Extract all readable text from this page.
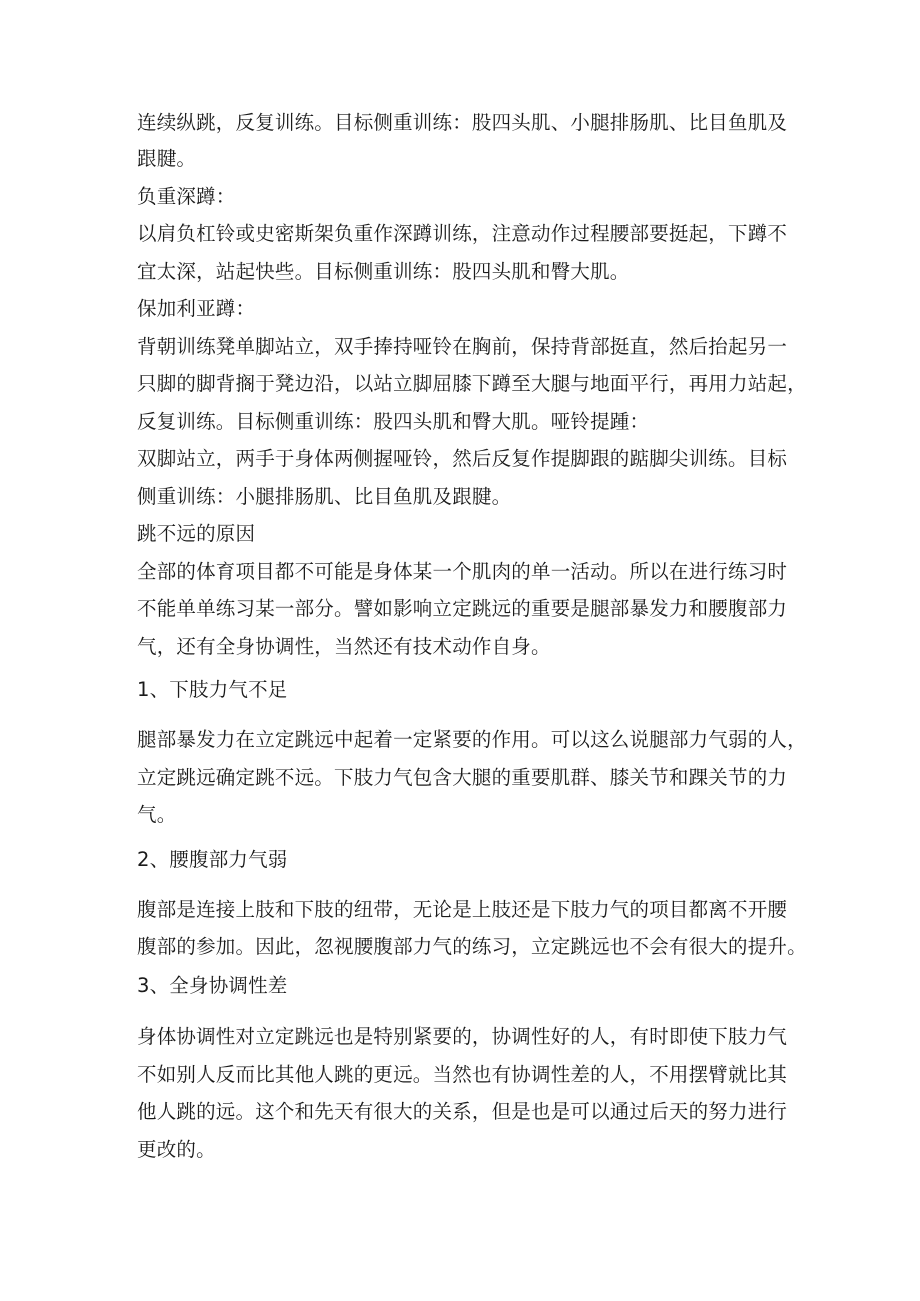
连续纵跳，反复训练。目标侧重训练：股四头肌、小腿排肠肌、比目鱼肌及
跟腱。
负重深蹲：
以肩负杠铃或史密斯架负重作深蹲训练，注意动作过程腰部要挺起，下蹲不
宜太深，站起快些。目标侧重训练：股四头肌和臀大肌。
保加利亚蹲：
背朝训练凳单脚站立，双手捧持哑铃在胸前，保持背部挺直，然后抬起另一
只脚的脚背搁于凳边沿，以站立脚屈膝下蹲至大腿与地面平行，再用力站起，
反复训练。目标侧重训练：股四头肌和臀大肌。哑铃提踵：
双脚站立，两手于身体两侧握哑铃，然后反复作提脚跟的踮脚尖训练。目标
侧重训练：小腿排肠肌、比目鱼肌及跟腱。
跳不远的原因
全部的体育项目都不可能是身体某一个肌肉的单一活动。所以在进行练习时
不能单单练习某一部分。譬如影响立定跳远的重要是腿部暴发力和腰腹部力
气，还有全身协调性，当然还有技术动作自身。
1、下肢力气不足
腿部暴发力在立定跳远中起着一定紧要的作用。可以这么说腿部力气弱的人，
立定跳远确定跳不远。下肢力气包含大腿的重要肌群、膝关节和踝关节的力
气。
2、腰腹部力气弱
腹部是连接上肢和下肢的纽带，无论是上肢还是下肢力气的项目都离不开腰
腹部的参加。因此，忽视腰腹部力气的练习，立定跳远也不会有很大的提升。
3、全身协调性差
身体协调性对立定跳远也是特别紧要的，协调性好的人，有时即使下肢力气
不如别人反而比其他人跳的更远。当然也有协调性差的人，不用摆臂就比其
他人跳的远。这个和先天有很大的关系，但是也是可以通过后天的努力进行
更改的。
